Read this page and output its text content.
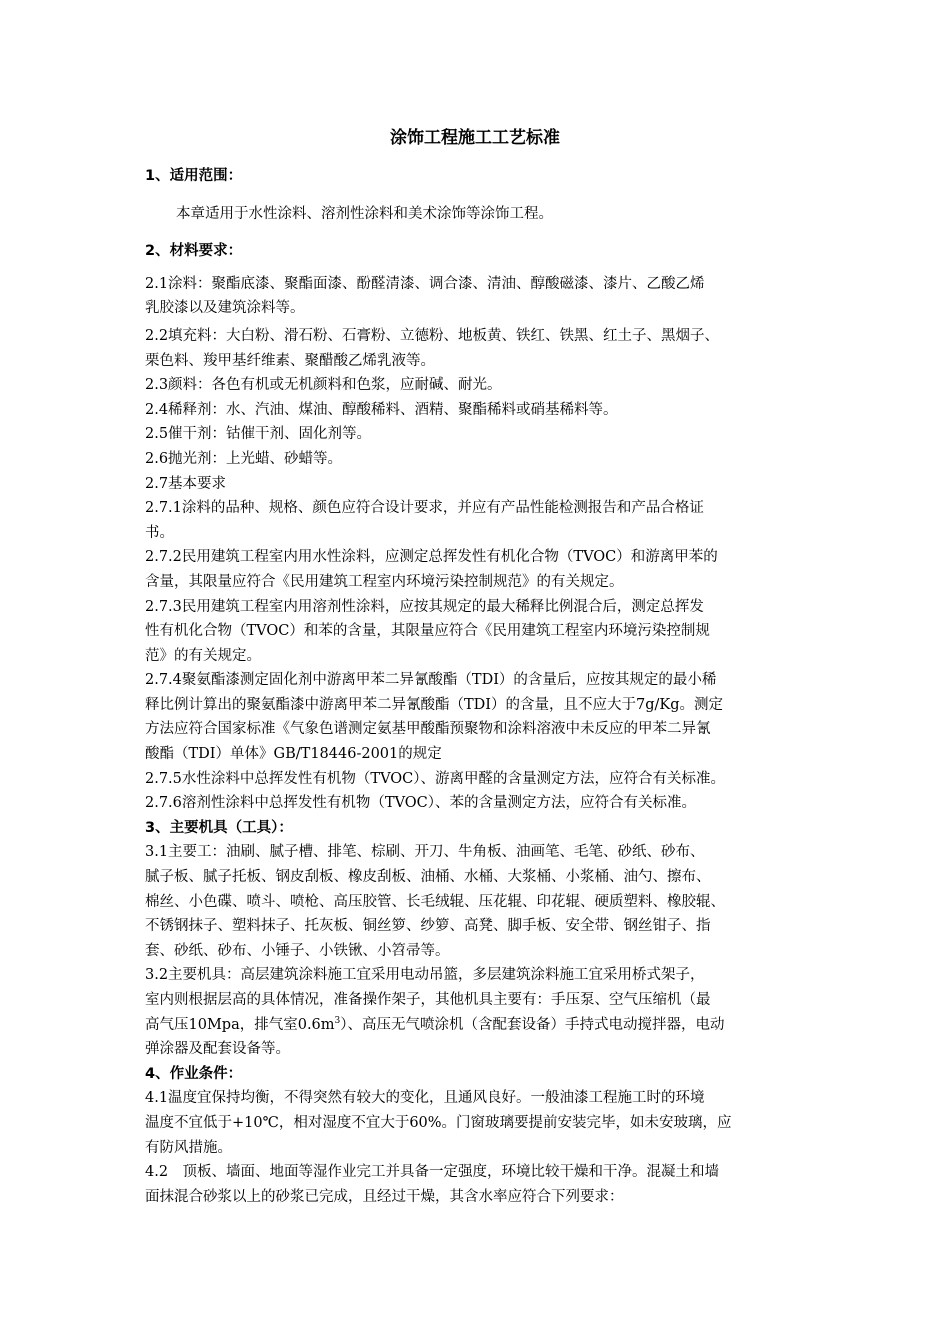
涂饰工程施工工艺标准

1、适用范围：

本章适用于水性涂料、溶剂性涂料和美术涂饰等涂饰工程。

2、材料要求：

2.1涂料：聚酯底漆、聚酯面漆、酚醛清漆、调合漆、清油、醇酸磁漆、漆片、乙酸乙烯

乳胶漆以及建筑涂料等。

2.2填充料：大白粉、滑石粉、石膏粉、立德粉、地板黄、铁红、铁黑、红土子、黑烟子、

栗色料、羧甲基纤维素、聚醋酸乙烯乳液等。

2.3颜料：各色有机或无机颜料和色浆，应耐碱、耐光。

2.4稀释剂：水、汽油、煤油、醇酸稀料、酒精、聚酯稀料或硝基稀料等。

2.5催干剂：钴催干剂、固化剂等。

2.6抛光剂：上光蜡、砂蜡等。

2.7基本要求

2.7.1涂料的品种、规格、颜色应符合设计要求，并应有产品性能检测报告和产品合格证

书。

2.7.2民用建筑工程室内用水性涂料，应测定总挥发性有机化合物（TVOC）和游离甲苯的

含量，其限量应符合《民用建筑工程室内环境污染控制规范》的有关规定。

2.7.3民用建筑工程室内用溶剂性涂料，应按其规定的最大稀释比例混合后，测定总挥发

性有机化合物（TVOC）和苯的含量，其限量应符合《民用建筑工程室内环境污染控制规

范》的有关规定。

2.7.4聚氨酯漆测定固化剂中游离甲苯二异氰酸酯（TDI）的含量后，应按其规定的最小稀

释比例计算出的聚氨酯漆中游离甲苯二异氰酸酯（TDI）的含量，且不应大于7g/Kg。测定

方法应符合国家标准《气象色谱测定氨基甲酸酯预聚物和涂料溶液中未反应的甲苯二异氰

酸酯（TDI）单体》GB/T18446-2001的规定

2.7.5水性涂料中总挥发性有机物（TVOC）、游离甲醛的含量测定方法，应符合有关标准。

2.7.6溶剂性涂料中总挥发性有机物（TVOC）、苯的含量测定方法，应符合有关标准。

3、主要机具（工具）：

3.1主要工：油刷、腻子槽、排笔、棕刷、开刀、牛角板、油画笔、毛笔、砂纸、砂布、

腻子板、腻子托板、钢皮刮板、橡皮刮板、油桶、水桶、大浆桶、小浆桶、油勺、擦布、

棉丝、小色碟、喷斗、喷枪、高压胶管、长毛绒辊、压花辊、印花辊、硬质塑料、橡胶辊、

不锈钢抹子、塑料抹子、托灰板、铜丝箩、纱箩、高凳、脚手板、安全带、钢丝钳子、指

套、砂纸、砂布、小锤子、小铁锹、小笤帚等。

3.2主要机具：高层建筑涂料施工宜采用电动吊篮，多层建筑涂料施工宜采用桥式架子，

室内则根据层高的具体情况，准备操作架子，其他机具主要有：手压泵、空气压缩机（最

高气压10Mpa，排气室$0.6m^3$）、高压无气喷涂机（含配套设备）手持式电动搅拌器，电动

弹涂器及配套设备等。

4、作业条件：

4.1温度宜保持均衡，不得突然有较大的变化，且通风良好。一般油漆工程施工时的环境

温度不宜低于+10℃，相对湿度不宜大于60%。门窗玻璃要提前安装完毕，如未安玻璃，应

有防风措施。

4.2　顶板、墙面、地面等湿作业完工并具备一定强度，环境比较干燥和干净。混凝土和墙

面抹混合砂浆以上的砂浆已完成，且经过干燥，其含水率应符合下列要求：
